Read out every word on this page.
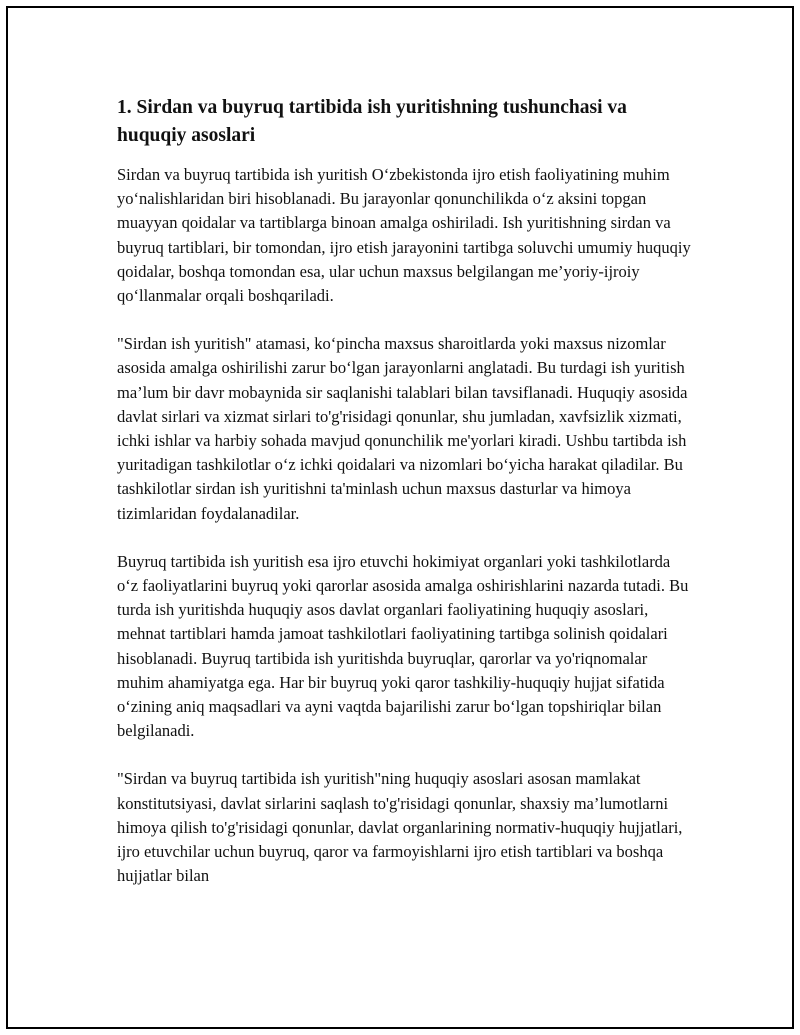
1. Sirdan va buyruq tartibida ish yuritishning tushunchasi va huquqiy asoslari

Sirdan va buyruq tartibida ish yuritish O‘zbekistonda ijro etish faoliyatining muhim yo‘nalishlaridan biri hisoblanadi. Bu jarayonlar qonunchilikda o‘z aksini topgan muayyan qoidalar va tartiblarga binoan amalga oshiriladi. Ish yuritishning sirdan va buyruq tartiblari, bir tomondan, ijro etish jarayonini tartibga soluvchi umumiy huquqiy qoidalar, boshqa tomondan esa, ular uchun maxsus belgilangan me’yoriy-ijroiy qo‘llanmalar orqali boshqariladi.

"Sirdan ish yuritish" atamasi, ko‘pincha maxsus sharoitlarda yoki maxsus nizomlar asosida amalga oshirilishi zarur bo‘lgan jarayonlarni anglatadi. Bu turdagi ish yuritish ma’lum bir davr mobaynida sir saqlanishi talablari bilan tavsiflanadi. Huquqiy asosida davlat sirlari va xizmat sirlari to'g'risidagi qonunlar, shu jumladan, xavfsizlik xizmati, ichki ishlar va harbiy sohada mavjud qonunchilik me'yorlari kiradi. Ushbu tartibda ish yuritadigan tashkilotlar o‘z ichki qoidalari va nizomlari bo‘yicha harakat qiladilar. Bu tashkilotlar sirdan ish yuritishni ta'minlash uchun maxsus dasturlar va himoya tizimlaridan foydalanadilar.

Buyruq tartibida ish yuritish esa ijro etuvchi hokimiyat organlari yoki tashkilotlarda o‘z faoliyatlarini buyruq yoki qarorlar asosida amalga oshirishlarini nazarda tutadi. Bu turda ish yuritishda huquqiy asos davlat organlari faoliyatining huquqiy asoslari, mehnat tartiblari hamda jamoat tashkilotlari faoliyatining tartibga solinish qoidalari hisoblanadi. Buyruq tartibida ish yuritishda buyruqlar, qarorlar va yo'riqnomalar muhim ahamiyatga ega. Har bir buyruq yoki qaror tashkiliy-huquqiy hujjat sifatida o‘zining aniq maqsadlari va ayni vaqtda bajarilishi zarur bo‘lgan topshiriqlar bilan belgilanadi.

"Sirdan va buyruq tartibida ish yuritish"ning huquqiy asoslari asosan mamlakat konstitutsiyasi, davlat sirlarini saqlash to'g'risidagi qonunlar, shaxsiy ma’lumotlarni himoya qilish to'g'risidagi qonunlar, davlat organlarining normativ-huquqiy hujjatlari, ijro etuvchilar uchun buyruq, qaror va farmoyishlarni ijro etish tartiblari va boshqa hujjatlar bilan
